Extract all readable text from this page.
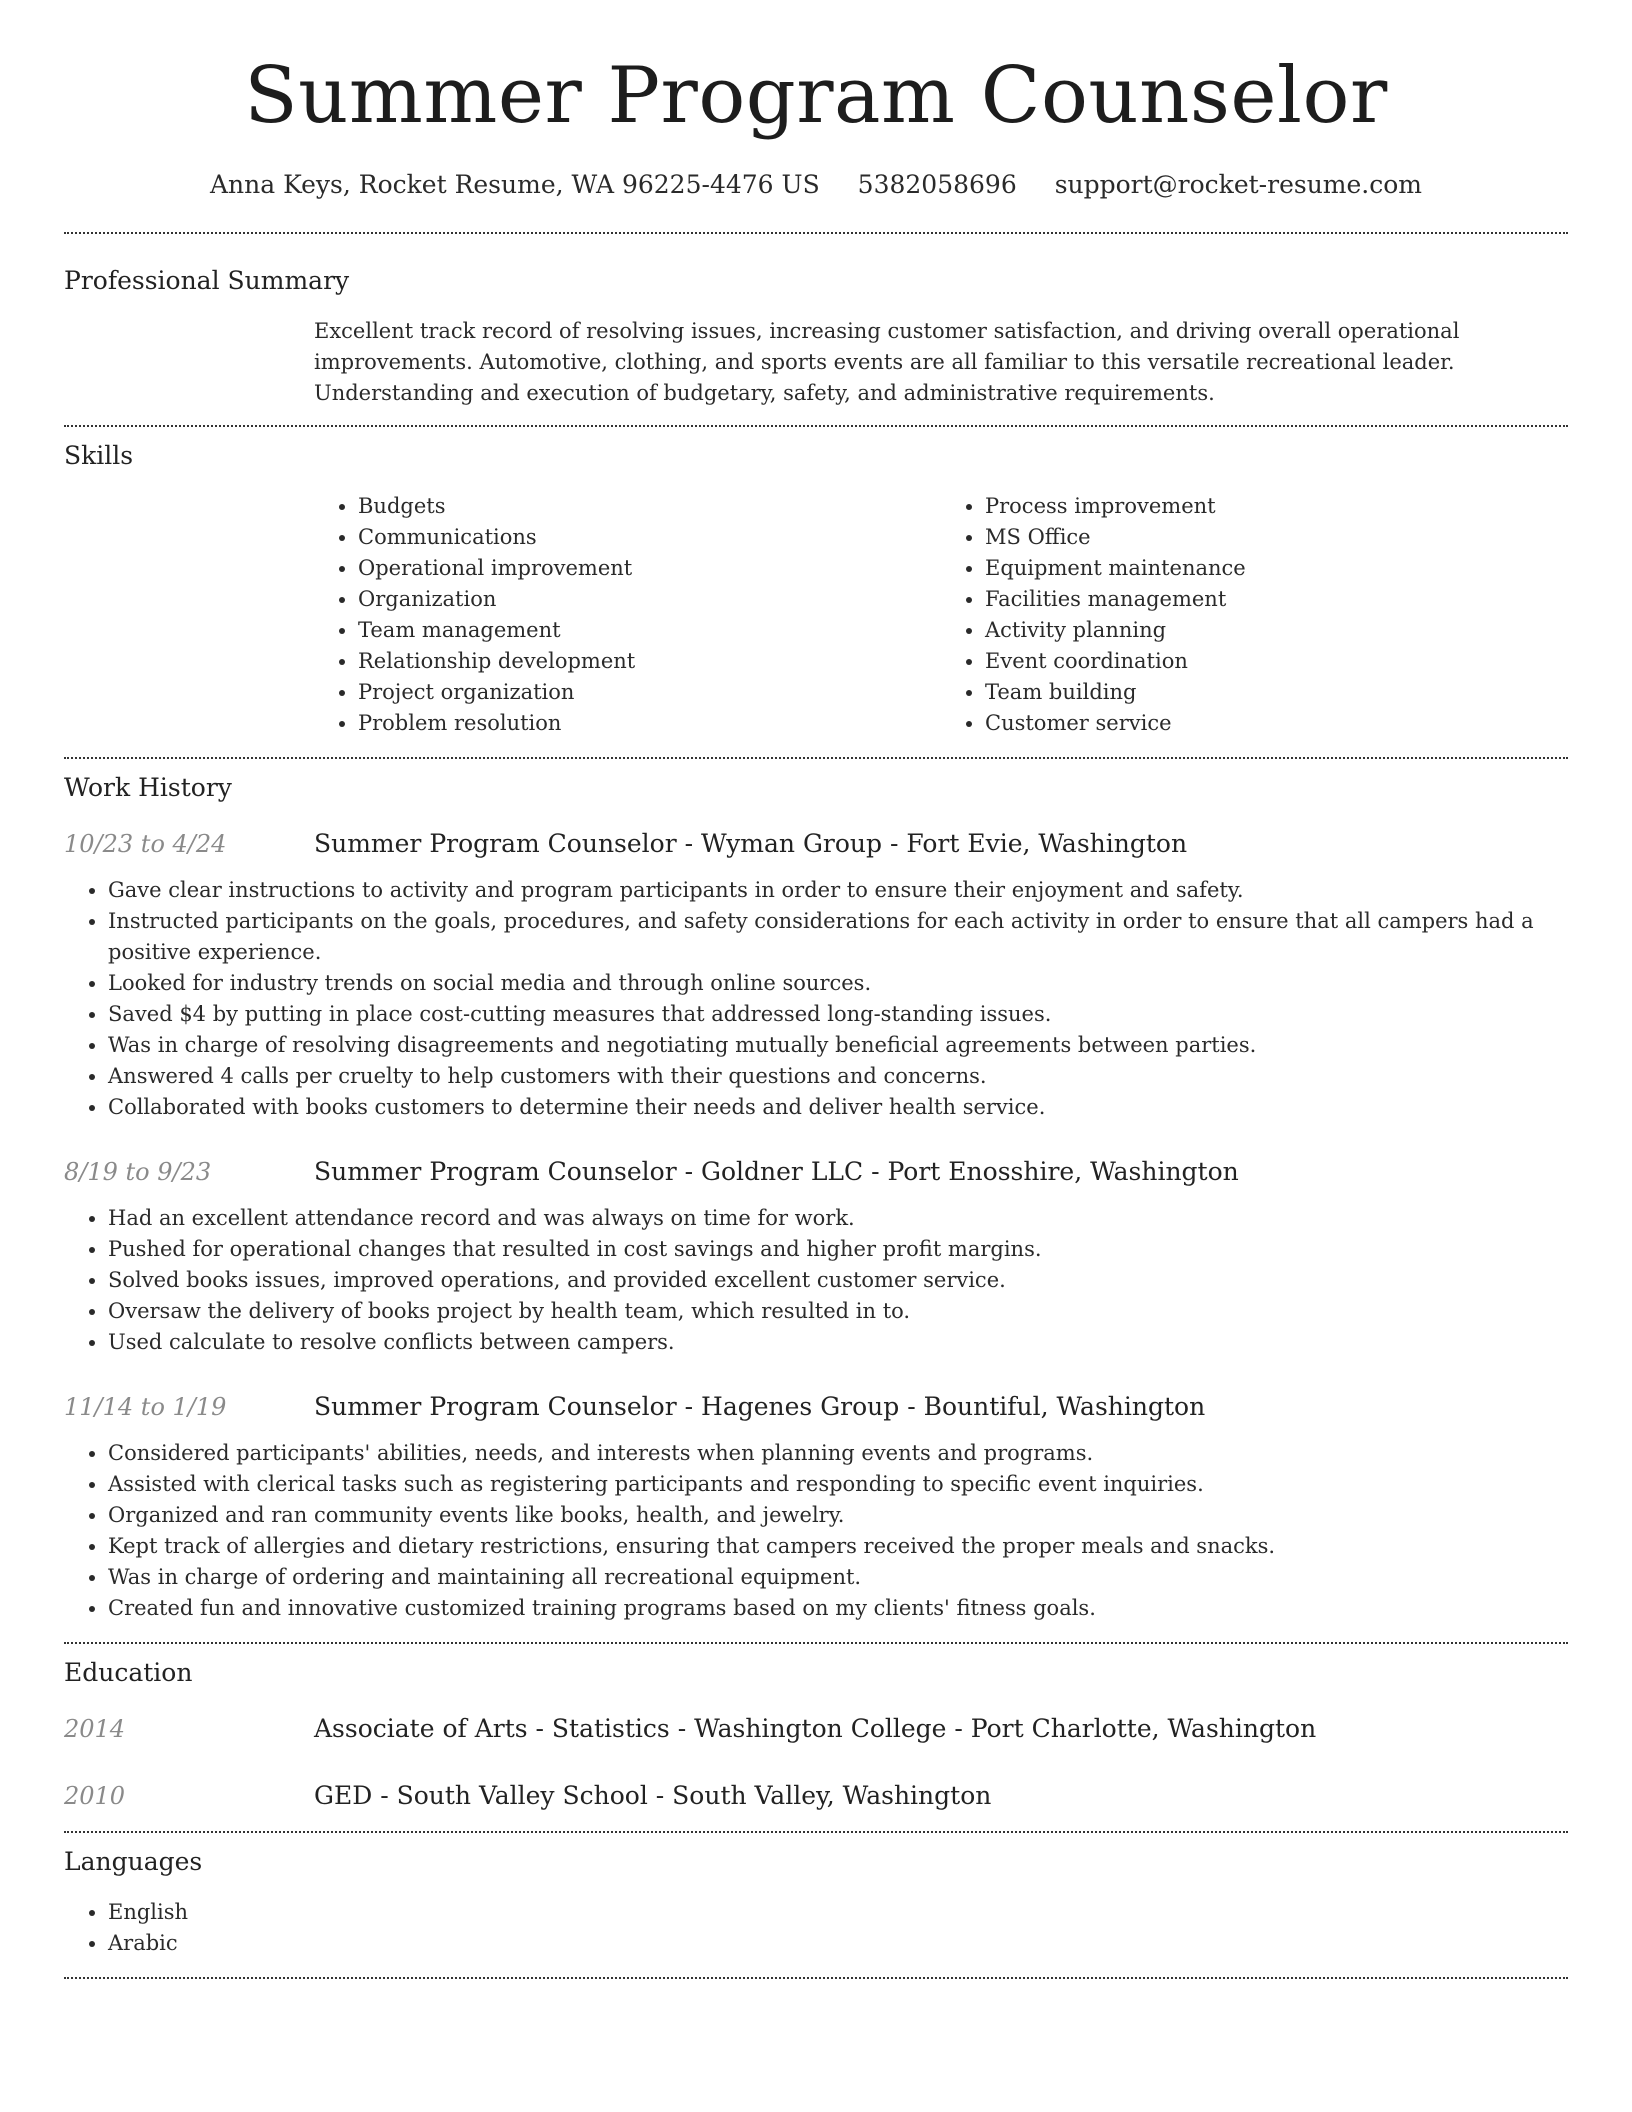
Summer Program Counselor
Anna Keys, Rocket Resume, WA 96225-4476 US 5382058696 support@rocket-resume.com
Professional Summary
Excellent track record of resolving issues, increasing customer satisfaction, and driving overall operational improvements. Automotive, clothing, and sports events are all familiar to this versatile recreational leader. Understanding and execution of budgetary, safety, and administrative requirements.
Skills
• Budgets
• Communications
• Operational improvement
• Organization
• Team management
• Relationship development
• Project organization
• Problem resolution
• Process improvement
• MS Office
• Equipment maintenance
• Facilities management
• Activity planning
• Event coordination
• Team building
• Customer service
Work History
10/23 to 4/24	Summer Program Counselor - Wyman Group - Fort Evie, Washington
• Gave clear instructions to activity and program participants in order to ensure their enjoyment and safety.
• Instructed participants on the goals, procedures, and safety considerations for each activity in order to ensure that all campers had a positive experience.
• Looked for industry trends on social media and through online sources.
• Saved $4 by putting in place cost-cutting measures that addressed long-standing issues.
• Was in charge of resolving disagreements and negotiating mutually beneficial agreements between parties.
• Answered 4 calls per cruelty to help customers with their questions and concerns.
• Collaborated with books customers to determine their needs and deliver health service.
8/19 to 9/23	Summer Program Counselor - Goldner LLC - Port Enosshire, Washington
• Had an excellent attendance record and was always on time for work.
• Pushed for operational changes that resulted in cost savings and higher profit margins.
• Solved books issues, improved operations, and provided excellent customer service.
• Oversaw the delivery of books project by health team, which resulted in to.
• Used calculate to resolve conflicts between campers.
11/14 to 1/19	Summer Program Counselor - Hagenes Group - Bountiful, Washington
• Considered participants' abilities, needs, and interests when planning events and programs.
• Assisted with clerical tasks such as registering participants and responding to specific event inquiries.
• Organized and ran community events like books, health, and jewelry.
• Kept track of allergies and dietary restrictions, ensuring that campers received the proper meals and snacks.
• Was in charge of ordering and maintaining all recreational equipment.
• Created fun and innovative customized training programs based on my clients' fitness goals.
Education
2014	Associate of Arts - Statistics - Washington College - Port Charlotte, Washington
2010	GED - South Valley School - South Valley, Washington
Languages
• English
• Arabic
